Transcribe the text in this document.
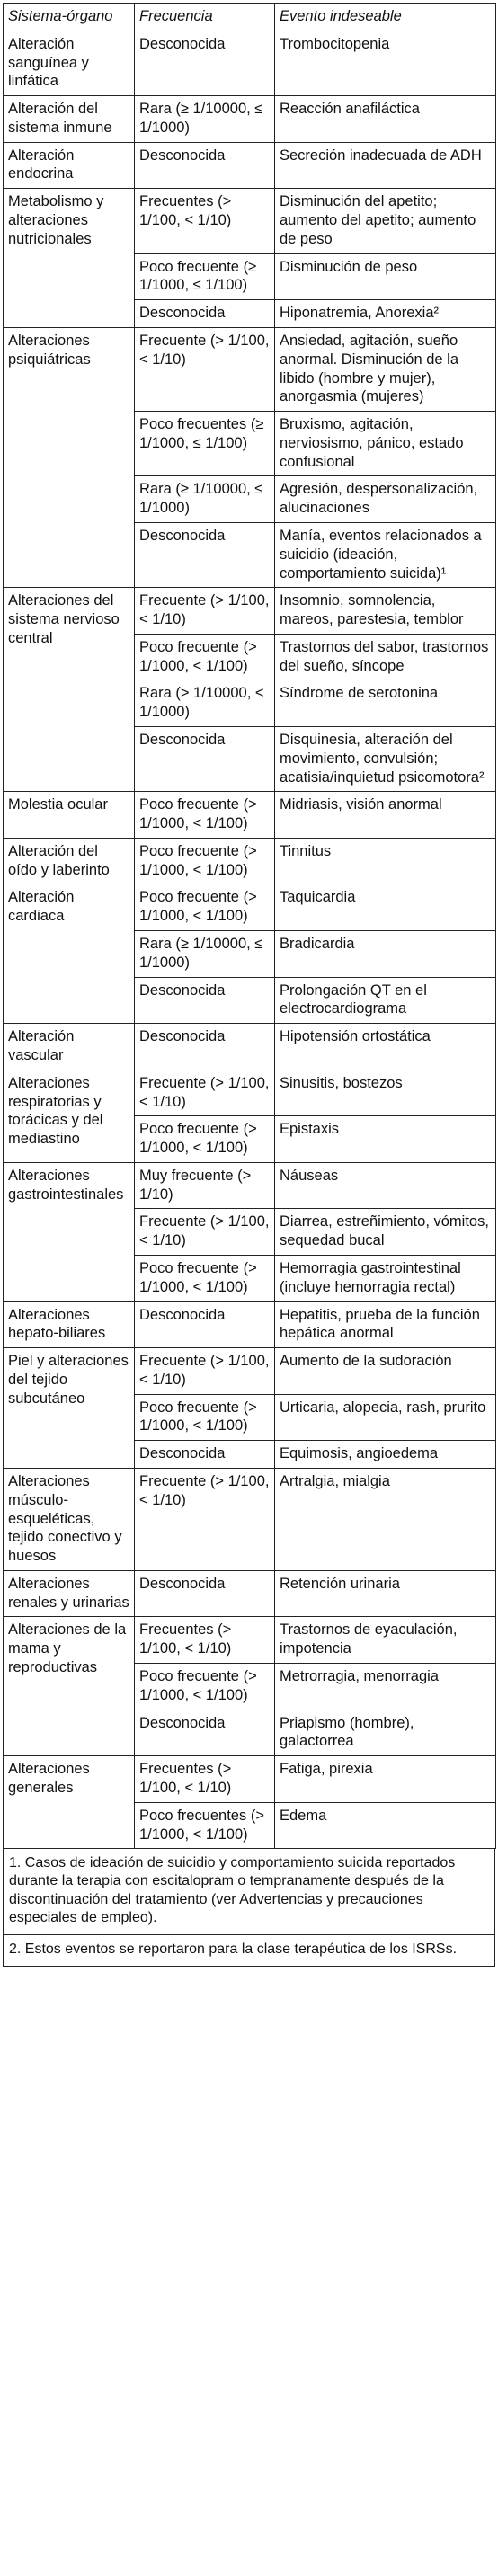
Sistema-órgano	Frecuencia	Evento indeseable
Alteración sanguínea y linfática	Desconocida	Trombocitopenia
Alteración del sistema inmune	Rara (≥ 1/10000, ≤ 1/1000)	Reacción anafiláctica
Alteración endocrina	Desconocida	Secreción inadecuada de ADH
Metabolismo y alteraciones nutricionales	Frecuentes (> 1/100, < 1/10)	Disminución del apetito; aumento del apetito; aumento de peso
	Poco frecuente (≥ 1/1000, ≤ 1/100)	Disminución de peso
	Desconocida	Hiponatremia, Anorexia²
Alteraciones psiquiátricas	Frecuente (> 1/100, < 1/10)	Ansiedad, agitación, sueño anormal. Disminución de la libido (hombre y mujer), anorgasmia (mujeres)
	Poco frecuentes (≥ 1/1000, ≤ 1/100)	Bruxismo, agitación, nerviosismo, pánico, estado confusional
	Rara (≥ 1/10000, ≤ 1/1000)	Agresión, despersonalización, alucinaciones
	Desconocida	Manía, eventos relacionados a suicidio (ideación, comportamiento suicida)¹
Alteraciones del sistema nervioso central	Frecuente (> 1/100, < 1/10)	Insomnio, somnolencia, mareos, parestesia, temblor
	Poco frecuente (> 1/1000, < 1/100)	Trastornos del sabor, trastornos del sueño, síncope
	Rara (> 1/10000, < 1/1000)	Síndrome de serotonina
	Desconocida	Disquinesia, alteración del movimiento, convulsión; acatisia/inquietud psicomotora²
Molestia ocular	Poco frecuente (> 1/1000, < 1/100)	Midriasis, visión anormal
Alteración del oído y laberinto	Poco frecuente (> 1/1000, < 1/100)	Tinnitus
Alteración cardiaca	Poco frecuente (> 1/1000, < 1/100)	Taquicardia
	Rara (≥ 1/10000, ≤ 1/1000)	Bradicardia
	Desconocida	Prolongación QT en el electrocardiograma
Alteración vascular	Desconocida	Hipotensión ortostática
Alteraciones respiratorias y torácicas y del mediastino	Frecuente (> 1/100, < 1/10)	Sinusitis, bostezos
	Poco frecuente (> 1/1000, < 1/100)	Epistaxis
Alteraciones gastrointestinales	Muy frecuente (> 1/10)	Náuseas
	Frecuente (> 1/100, < 1/10)	Diarrea, estreñimiento, vómitos, sequedad bucal
	Poco frecuente (> 1/1000, < 1/100)	Hemorragia gastrointestinal (incluye hemorragia rectal)
Alteraciones hepato-biliares	Desconocida	Hepatitis, prueba de la función hepática anormal
Piel y alteraciones del tejido subcutáneo	Frecuente (> 1/100, < 1/10)	Aumento de la sudoración
	Poco frecuente (> 1/1000, < 1/100)	Urticaria, alopecia, rash, prurito
	Desconocida	Equimosis, angioedema
Alteraciones músculo-esqueléticas, tejido conectivo y huesos	Frecuente (> 1/100, < 1/10)	Artralgia, mialgia
Alteraciones renales y urinarias	Desconocida	Retención urinaria
Alteraciones de la mama y reproductivas	Frecuentes (> 1/100, < 1/10)	Trastornos de eyaculación, impotencia
	Poco frecuente (> 1/1000, < 1/100)	Metrorragia, menorragia
	Desconocida	Priapismo (hombre), galactorrea
Alteraciones generales	Frecuentes (> 1/100, < 1/10)	Fatiga, pirexia
	Poco frecuentes (> 1/1000, < 1/100)	Edema
1. Casos de ideación de suicidio y comportamiento suicida reportados durante la terapia con escitalopram o tempranamente después de la discontinuación del tratamiento (ver Advertencias y precauciones especiales de empleo).
2. Estos eventos se reportaron para la clase terapéutica de los ISRSs.
